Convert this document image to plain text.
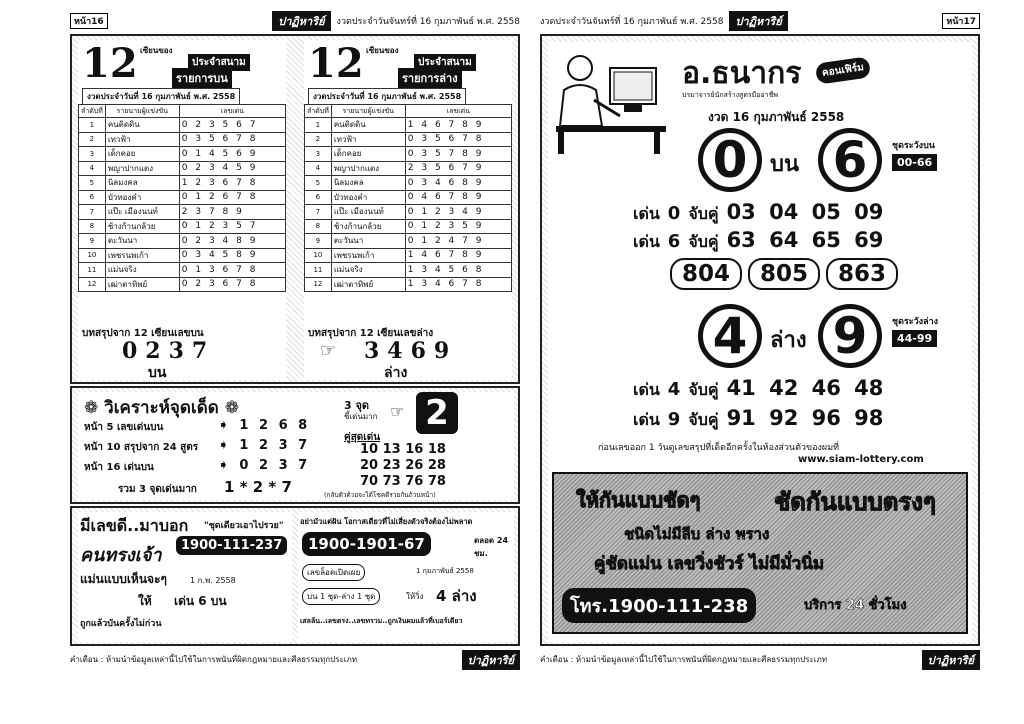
หน้า16	ปาฏิหาริย์	งวดประจำวันจันทร์ที่ 16 กุมภาพันธ์ พ.ศ. 2558
12 เซียนของ
ประจำสนาม
รายการบน
งวดประจำวันที่ 16 กุมภาพันธ์ พ.ศ. 2558
ลำดับที่	รายนามผู้แข่งขัน	เลขเด่น
1	คนติดดิน	0 2 3 5 6 7
2	เทวฟ้า	0 3 5 6 7 8
3	เด็กคอย	0 1 4 5 6 9
4	พญาปากแดง	0 2 3 4 5 9
5	นิลมงคล	1 2 3 6 7 8
6	บัวทองคำ	0 1 2 6 7 8
7	แป๊ะ เมืองนนท์	2 3 7 8 9
8	ช้างก้านกล้วย	0 1 2 3 5 7
9	ตะวันนา	0 2 3 4 8 9
10	เพชรนพเก้า	0 3 4 5 8 9
11	แม่นจริง	0 1 3 6 7 8
12	เฒ่าตาทิพย์	0 2 3 6 7 8
12 เซียนของ
ประจำสนาม
รายการล่าง
งวดประจำวันที่ 16 กุมภาพันธ์ พ.ศ. 2558
ลำดับที่	รายนามผู้แข่งขัน	เลขเด่น
1	คนติดดิน	1 4 6 7 8 9
2	เทวฟ้า	0 3 5 6 7 8
3	เด็กคอย	0 3 5 7 8 9
4	พญาปากแดง	2 3 5 6 7 9
5	นิลมงคล	0 3 4 6 8 9
6	บัวทองคำ	0 4 6 7 8 9
7	แป๊ะ เมืองนนท์	0 1 2 3 4 9
8	ช้างก้านกล้วย	0 1 2 3 5 9
9	ตะวันนา	0 1 2 4 7 9
10	เพชรนพเก้า	1 4 6 7 8 9
11	แม่นจริง	1 3 4 5 6 8
12	เฒ่าตาทิพย์	1 3 4 6 7 8
บทสรุปจาก 12 เซียนเลขบน
0237
บน
บทสรุปจาก 12 เซียนเลขล่าง
☞ 3469
ล่าง
❁ วิเคราะห์จุดเด็ด ❁
หน้า 5 เลขเด่นบน	➧ 1 2 6 8
หน้า 10 สรุปจาก 24 สูตร ➧ 1 2 3 7
หน้า 16 เด่นบน	➧ 0 2 3 7
รวม 3 จุดเด่นมาก 1 * 2 * 7
3 จุด
ชี้เด่นมาก ☞ 2
คู่สุดเด่น
10 13 16 18
20 23 26 28
70 73 76 78
(กลับตัวด้วยจะได้โชคดีรวยกันถ้วนหน้า)
มีเลขดี..มาบอก "ชุดเดียวเอาไปรวย"
คนทรงเจ้า	1900-111-237
แม่นแบบเห็นจะๆ	1 ก.พ. 2558
ให้ เด่น 6 บน
ถูกแล้วบันครั้งไม่ก่วน
อย่ามัวแต่ฝัน โอกาสเดียวที่ไม่เสี่ยงตัวจริงต้องไม่พลาด
1900-1901-67	ตลอด 24 ชม.
เลขล็อคเปิดเผย	1 กุมภาพันธ์ 2558
บน 1 ชุด-ล่าง 1 ชุด	ให้วิ่ง 4 ล่าง
เสลล้น..เลขตรง..เลขทรวม..ถูกเงินผมแล้วที่เบอร์เดียว
คำเตือน : ห้ามนำข้อมูลเหล่านี้ไปใช้ในการพนันที่ผิดกฎหมายและศีลธรรมทุกประเภท	ปาฏิหาริย์
งวดประจำวันจันทร์ที่ 16 กุมภาพันธ์ พ.ศ. 2558	ปาฏิหาริย์	หน้า17
อ.ธนากร	คอนเฟิร์ม
ปรมาจารย์นักสร้างสูตรมืออาชีพ
งวด 16 กุมภาพันธ์ 2558
0	บน 6	ชุดระวังบน
00-66
เด่น 0 จับคู่ 03 04 05 09
เด่น 6 จับคู่ 63 64 65 69
804	805	863
4	ล่าง 9	ชุดระวังล่าง
44-99
เด่น 4 จับคู่ 41 42 46 48
เด่น 9 จับคู่ 91 92 96 98
ก่อนเลขออก 1 วันดูเลขสรุปที่เด็ดอีกครั้งในห้องส่วนตัวของผมที่
www.siam-lottery.com
ให้กันแบบชัดๆ	ชัดกันแบบตรงๆ
ชนิดไม่มีลีบ ล่าง พราง
คู่ชัดแม่น เลขวิ่งชัวร์ ไม่มีมั่วนิ่ม
โทร.1900-111-238	บริการ 24 ชั่วโมง
คำเตือน : ห้ามนำข้อมูลเหล่านี้ไปใช้ในการพนันที่ผิดกฎหมายและศีลธรรมทุกประเภท	ปาฏิหาริย์
